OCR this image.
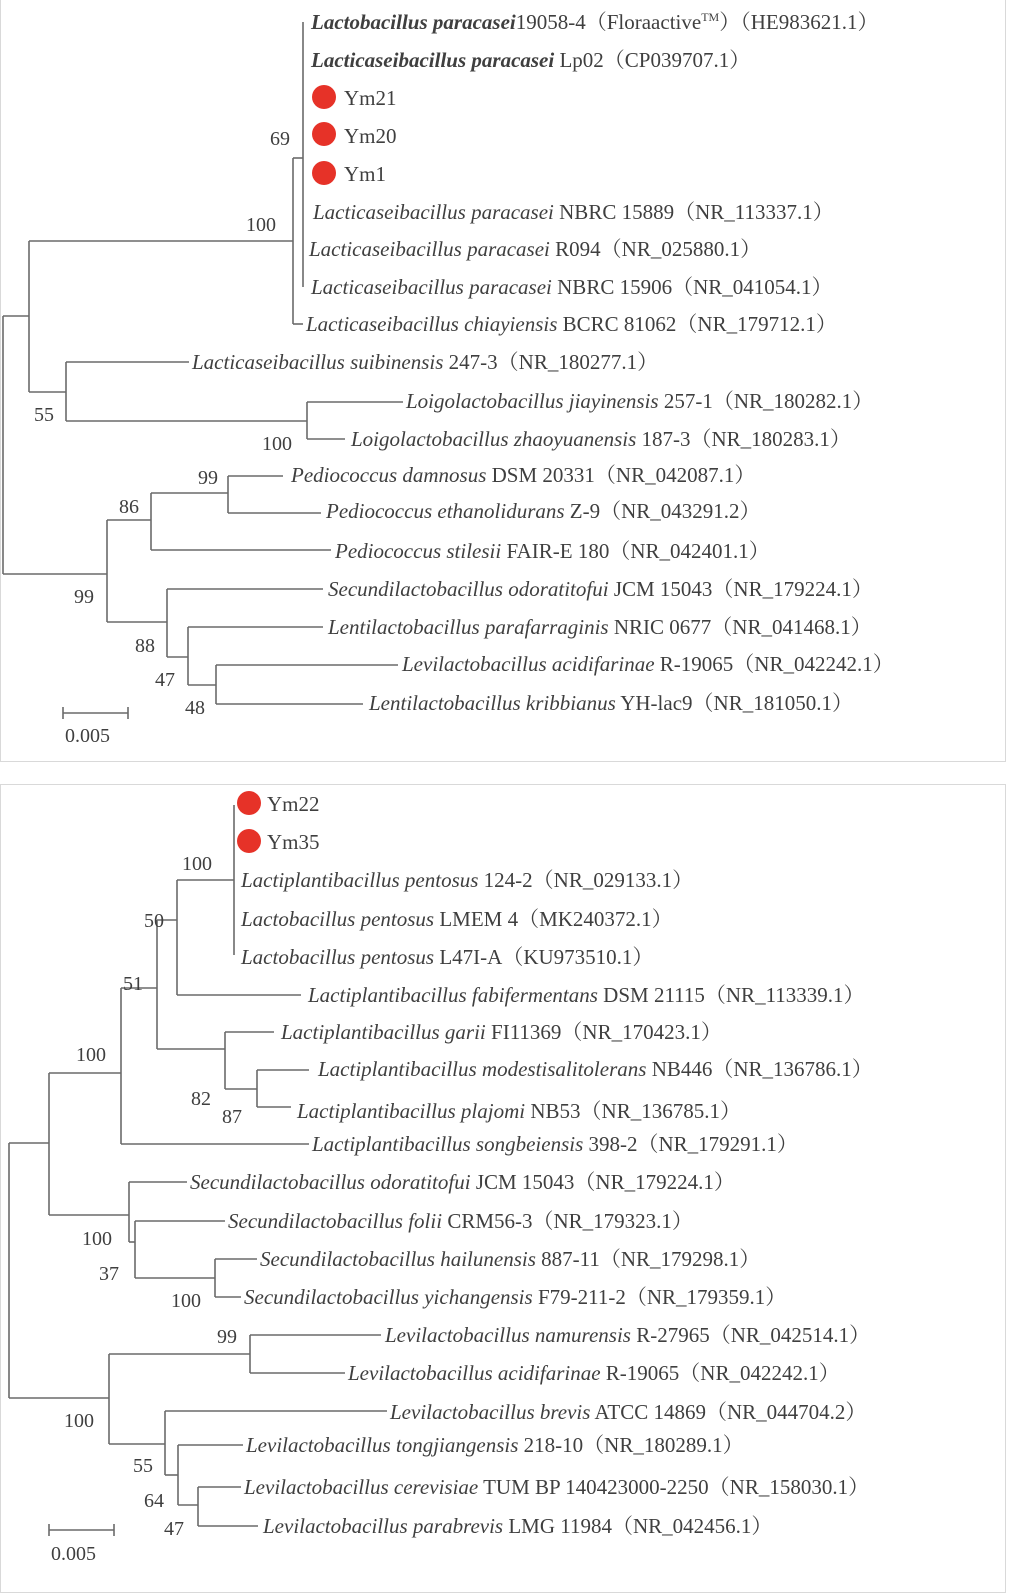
Lactobacillus paracasei19058-4（Floraactive™）（HE983621.1）
Lacticaseibacillus paracasei Lp02（CP039707.1）
Ym21
Ym20
Ym1
Lacticaseibacillus paracasei NBRC 15889（NR_113337.1）
Lacticaseibacillus paracasei R094（NR_025880.1）
Lacticaseibacillus paracasei NBRC 15906（NR_041054.1）
Lacticaseibacillus chiayiensis BCRC 81062（NR_179712.1）
Lacticaseibacillus suibinensis 247-3（NR_180277.1）
Loigolactobacillus jiayinensis 257-1（NR_180282.1）
Loigolactobacillus zhaoyuanensis 187-3（NR_180283.1）
Pediococcus damnosus DSM 20331（NR_042087.1）
Pediococcus ethanolidurans Z-9（NR_043291.2）
Pediococcus stilesii FAIR-E 180（NR_042401.1）
Secundilactobacillus odoratitofui JCM 15043（NR_179224.1）
Lentilactobacillus parafarraginis NRIC 0677（NR_041468.1）
Levilactobacillus acidifarinae R-19065（NR_042242.1）
Lentilactobacillus kribbianus YH-lac9（NR_181050.1）
69
100
55
100
99
86
99
88
47
48
0.005
Ym22
Ym35
Lactiplantibacillus pentosus 124-2（NR_029133.1）
Lactobacillus pentosus LMEM 4（MK240372.1）
Lactobacillus pentosus L47I-A（KU973510.1）
Lactiplantibacillus fabifermentans DSM 21115（NR_113339.1）
Lactiplantibacillus garii FI11369（NR_170423.1）
Lactiplantibacillus modestisalitolerans NB446（NR_136786.1）
Lactiplantibacillus plajomi NB53（NR_136785.1）
Lactiplantibacillus songbeiensis 398-2（NR_179291.1）
Secundilactobacillus odoratitofui JCM 15043（NR_179224.1）
Secundilactobacillus folii CRM56-3（NR_179323.1）
Secundilactobacillus hailunensis 887-11（NR_179298.1）
Secundilactobacillus yichangensis F79-211-2（NR_179359.1）
Levilactobacillus namurensis R-27965（NR_042514.1）
Levilactobacillus acidifarinae R-19065（NR_042242.1）
Levilactobacillus brevis ATCC 14869（NR_044704.2）
Levilactobacillus tongjiangensis 218-10（NR_180289.1）
Levilactobacillus cerevisiae TUM BP 140423000-2250（NR_158030.1）
Levilactobacillus parabrevis LMG 11984（NR_042456.1）
100
50
51
100
82
87
100
37
100
99
100
55
64
47
0.005
